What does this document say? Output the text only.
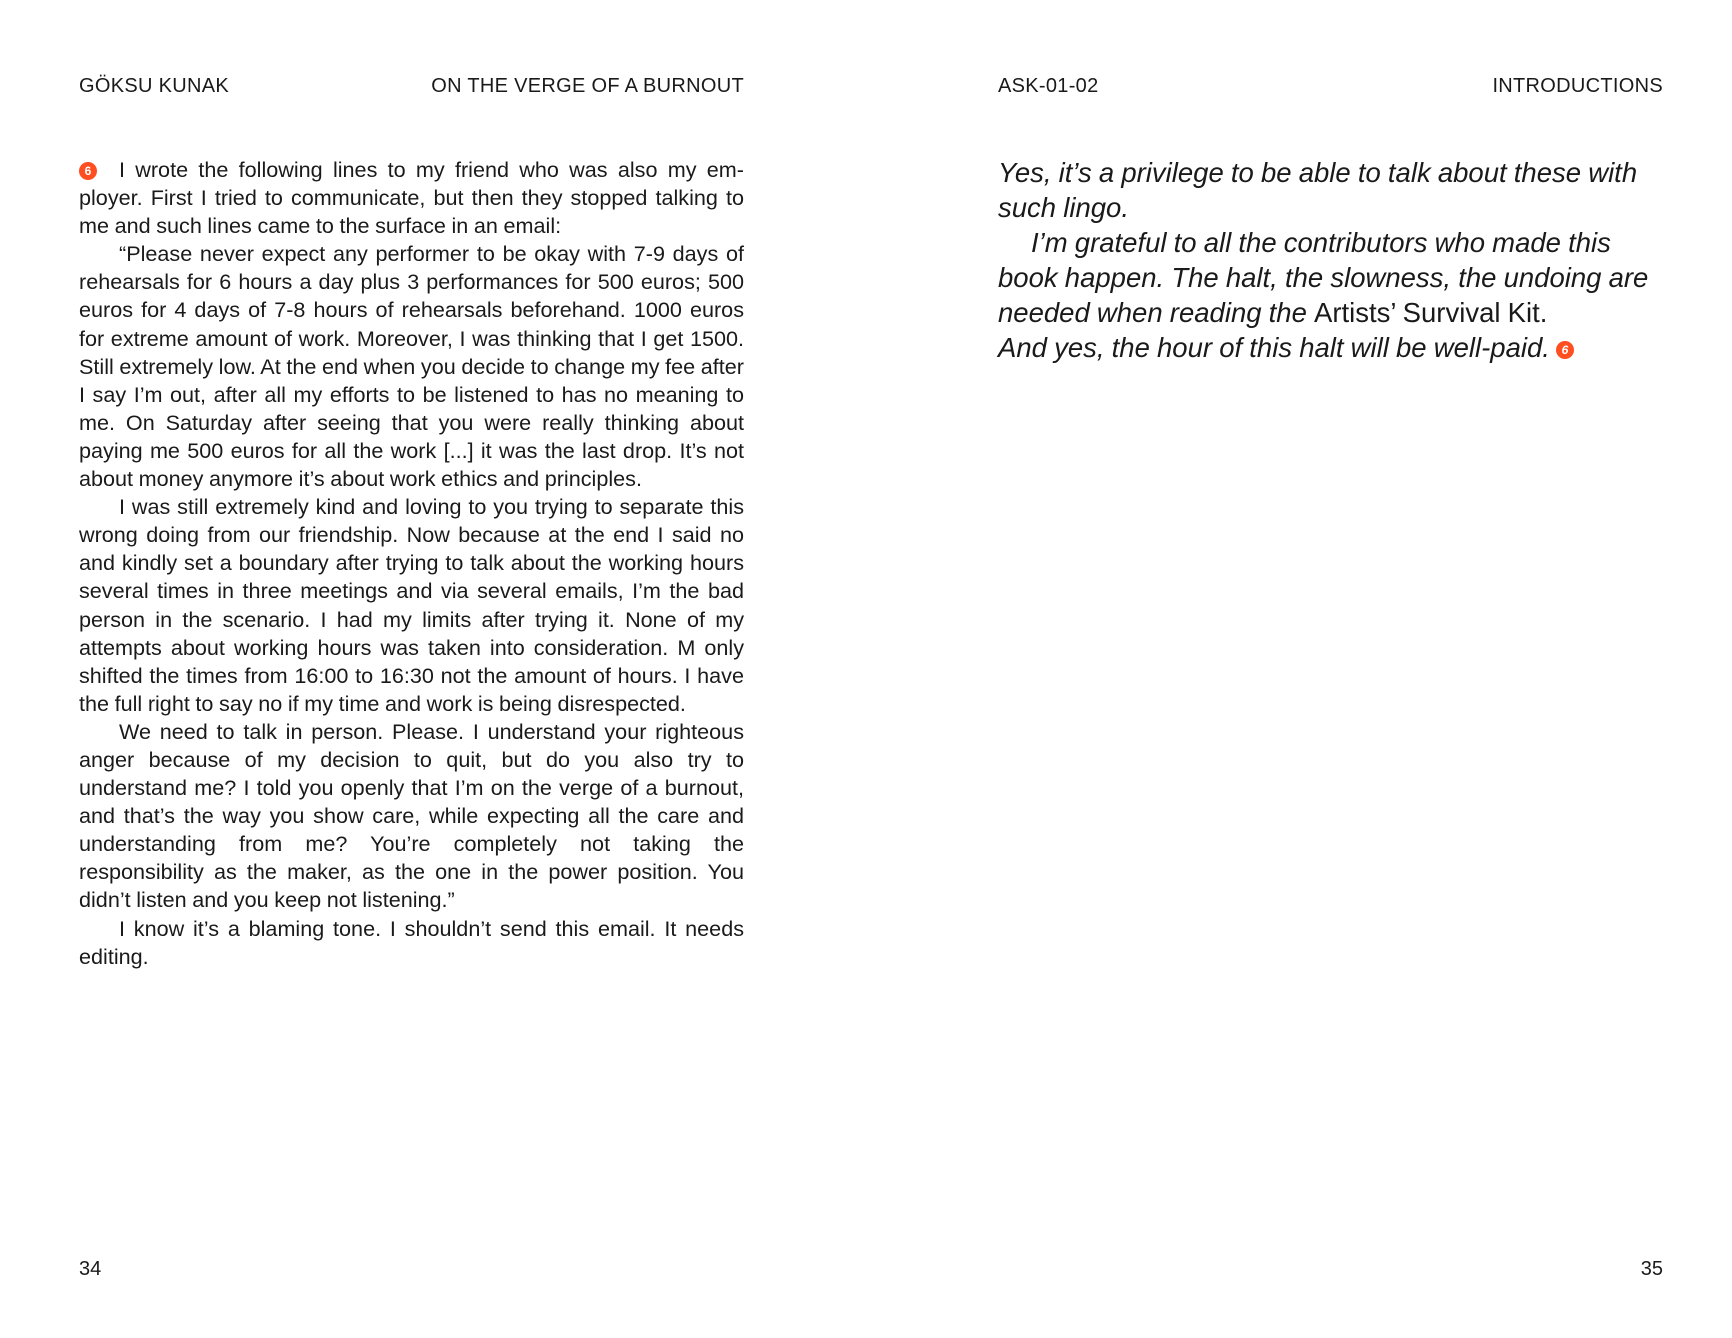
GÖKSU KUNAK	ON THE VERGE OF A BURNOUT

6 I wrote the following lines to my friend who was also my employer. First I tried to communicate, but then they stopped talking to me and such lines came to the surface in an email:

“Please never expect any performer to be okay with 7-9 days of rehearsals for 6 hours a day plus 3 performances for 500 euros; 500 euros for 4 days of 7-8 hours of rehearsals beforehand. 1000 euros for extreme amount of work. Moreover, I was thinking that I get 1500. Still extremely low. At the end when you decide to change my fee after I say I’m out, after all my efforts to be listened to has no meaning to me. On Saturday after seeing that you were really thinking about paying me 500 euros for all the work [...] it was the last drop. It’s not about money anymore it’s about work ethics and principles.

I was still extremely kind and loving to you trying to separate this wrong doing from our friendship. Now because at the end I said no and kindly set a boundary after trying to talk about the working hours several times in three meetings and via several emails, I’m the bad person in the scenario. I had my limits after trying it. None of my attempts about working hours was taken into consideration. M only shifted the times from 16:00 to 16:30 not the amount of hours. I have the full right to say no if my time and work is being disrespected.

We need to talk in person. Please. I understand your righteous anger because of my decision to quit, but do you also try to understand me? I told you openly that I’m on the verge of a burnout, and that’s the way you show care, while expecting all the care and understanding from me? You’re completely not taking the responsibility as the maker, as the one in the power position. You didn’t listen and you keep not listening.”

I know it’s a blaming tone. I shouldn’t send this email. It needs editing.

34
ASK-01-02	INTRODUCTIONS

Yes, it’s a privilege to be able to talk about these with such lingo.

I’m grateful to all the contributors who made this book happen. The halt, the slowness, the undoing are needed when reading the Artists’ Survival Kit.

And yes, the hour of this halt will be well-paid. 6

35
